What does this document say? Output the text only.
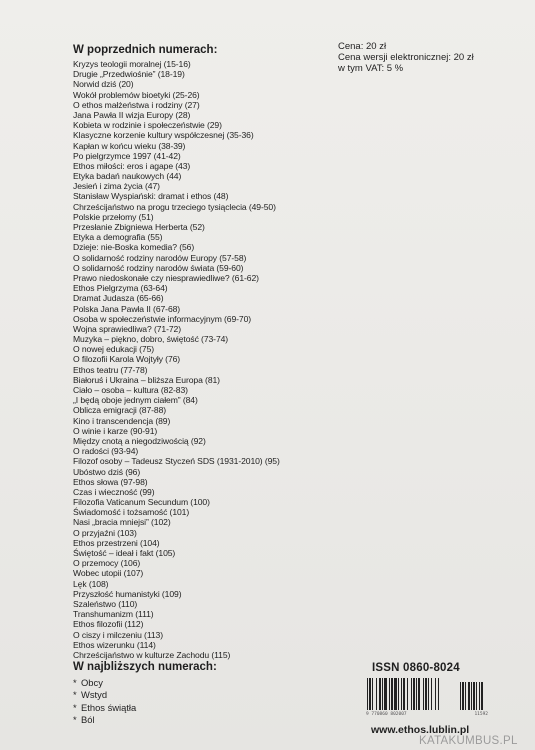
W poprzednich numerach:
Kryzys teologii moralnej (15-16)
Drugie „Przedwiośnie” (18-19)
Norwid dziś (20)
Wokół problemów bioetyki (25-26)
O ethos małżeństwa i rodziny (27)
Jana Pawła II wizja Europy (28)
Kobieta w rodzinie i społeczeństwie (29)
Klasyczne korzenie kultury współczesnej (35-36)
Kapłan w końcu wieku (38-39)
Po pielgrzymce 1997 (41-42)
Ethos miłości: eros i agape (43)
Etyka badań naukowych (44)
Jesień i zima życia (47)
Stanisław Wyspiański: dramat i ethos (48)
Chrześcijaństwo na progu trzeciego tysiąclecia (49-50)
Polskie przełomy (51)
Przesłanie Zbigniewa Herberta (52)
Etyka a demografia (55)
Dzieje: nie-Boska komedia? (56)
O solidarność rodziny narodów Europy (57-58)
O solidarność rodziny narodów świata (59-60)
Prawo niedoskonałe czy niesprawiedliwe? (61-62)
Ethos Pielgrzyma (63-64)
Dramat Judasza (65-66)
Polska Jana Pawła II (67-68)
Osoba w społeczeństwie informacyjnym (69-70)
Wojna sprawiedliwa? (71-72)
Muzyka – piękno, dobro, świętość (73-74)
O nowej edukacji (75)
O filozofii Karola Wojtyły (76)
Ethos teatru (77-78)
Białoruś i Ukraina – bliższa Europa (81)
Ciało – osoba – kultura (82-83)
„I będą oboje jednym ciałem” (84)
Oblicza emigracji (87-88)
Kino i transcendencja (89)
O winie i karze (90-91)
Między cnotą a niegodziwością (92)
O radości (93-94)
Filozof osoby – Tadeusz Styczeń SDS (1931-2010) (95)
Ubóstwo dziś (96)
Ethos słowa (97-98)
Czas i wieczność (99)
Filozofia Vaticanum Secundum (100)
Świadomość i tożsamość (101)
Nasi „bracia mniejsi” (102)
O przyjaźni (103)
Ethos przestrzeni (104)
Świętość – ideał i fakt (105)
O przemocy (106)
Wobec utopii (107)
Lęk (108)
Przyszłość humanistyki (109)
Szaleństwo (110)
Transhumanizm (111)
Ethos filozofii (112)
O ciszy i milczeniu (113)
Ethos wizerunku (114)
Chrześcijaństwo w kulturze Zachodu (115)
Cena: 20 zł
Cena wersji elektronicznej: 20 zł
w tym VAT: 5 %
W najbliższych numerach:
* Obcy
* Wstyd
* Ethos świątła
* Ból
ISSN 0860-8024
9 770860 802007	11592
www.ethos.lublin.pl
KATAKUMBUS.PL
